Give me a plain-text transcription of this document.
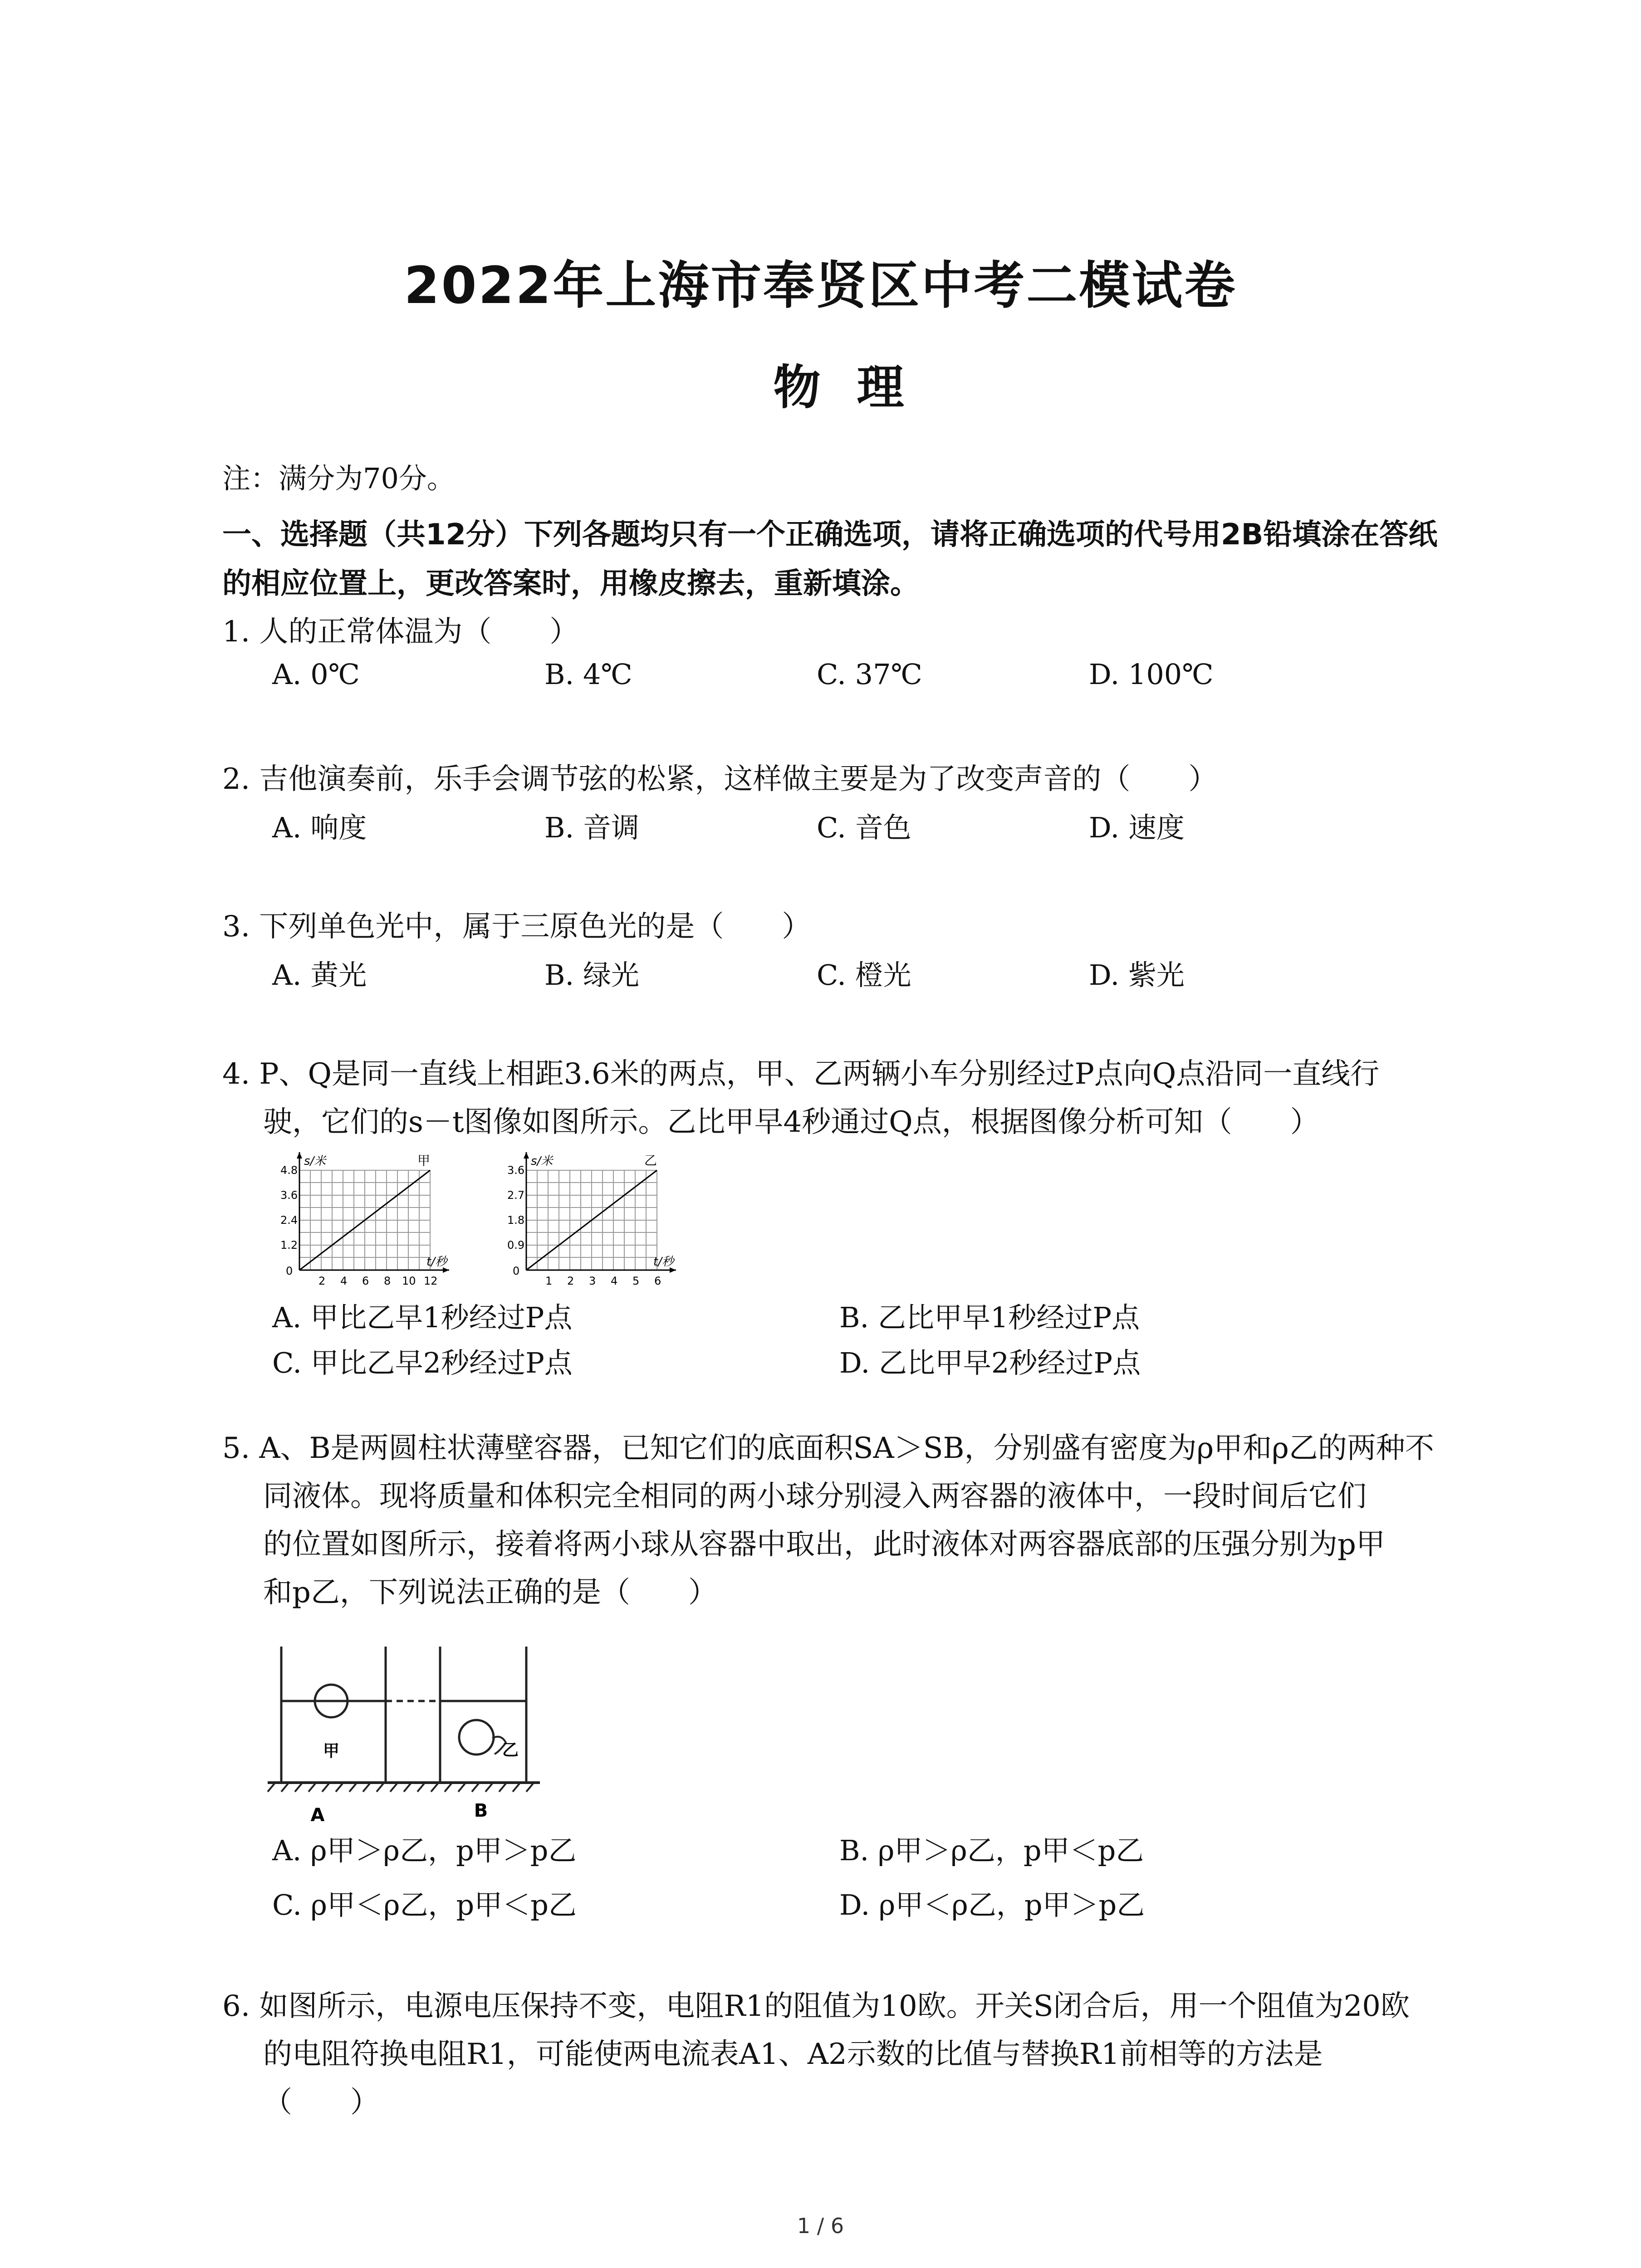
2022年上海市奉贤区中考二模试卷
物理
注：满分为70分。
一、选择题（共12分）下列各题均只有一个正确选项，请将正确选项的代号用2B铅填涂在答纸的相应位置上，更改答案时，用橡皮擦去，重新填涂。
1. 人的正常体温为（　　）
A. 0℃	B. 4℃	C. 37℃	D. 100℃
2. 吉他演奏前，乐手会调节弦的松紧，这样做主要是为了改变声音的（　　）
A. 响度	B. 音调	C. 音色	D. 速度
3. 下列单色光中，属于三原色光的是（　　）
A. 黄光	B. 绿光	C. 橙光	D. 紫光
4. P、Q是同一直线上相距3.6米的两点，甲、乙两辆小车分别经过P点向Q点沿同一直线行
驶，它们的s－t图像如图所示。乙比甲早4秒通过Q点，根据图像分析可知（　　）
s/米	甲
t/秒
4.8
3.6
2.4
1.2
0
2 4 6 8 10 12
s/米	乙
t/秒
3.6
2.7
1.8
0.9
0
1 2 3 4 5 6
A. 甲比乙早1秒经过P点	B. 乙比甲早1秒经过P点
C. 甲比乙早2秒经过P点	D. 乙比甲早2秒经过P点
5. A、B是两圆柱状薄壁容器，已知它们的底面积SA＞SB，分别盛有密度为ρ甲和ρ乙的两种不
同液体。现将质量和体积完全相同的两小球分别浸入两容器的液体中，一段时间后它们
的位置如图所示，接着将两小球从容器中取出，此时液体对两容器底部的压强分别为p甲
和p乙，下列说法正确的是（　　）
甲	乙
A	B
A. ρ甲＞ρ乙，p甲＞p乙	B. ρ甲＞ρ乙，p甲＜p乙
C. ρ甲＜ρ乙，p甲＜p乙	D. ρ甲＜ρ乙，p甲＞p乙
6. 如图所示，电源电压保持不变，电阻R1的阻值为10欧。开关S闭合后，用一个阻值为20欧
的电阻符换电阻R1，可能使两电流表A1、A2示数的比值与替换R1前相等的方法是
（　　）
1 / 6
